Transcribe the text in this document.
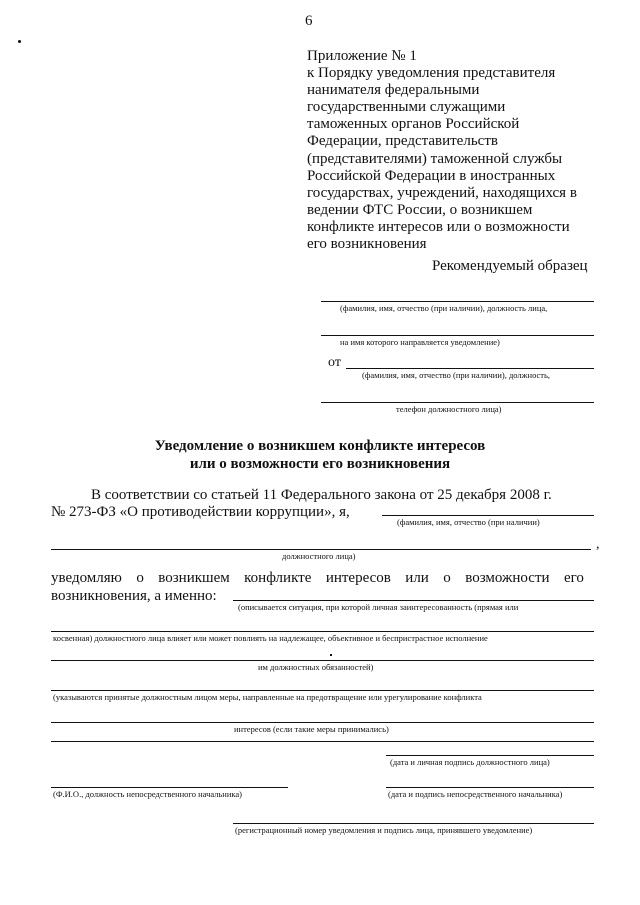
6
Приложение № 1
к Порядку уведомления представителя
нанимателя федеральными
государственными служащими
таможенных органов Российской
Федерации, представительств
(представителями) таможенной службы
Российской Федерации в иностранных
государствах, учреждений, находящихся в
ведении ФТС России, о возникшем
конфликте интересов или о возможности
его возникновения
Рекомендуемый образец
(фамилия, имя, отчество (при наличии), должность лица,
на имя которого направляется уведомление)
от
(фамилия, имя, отчество (при наличии), должность,
телефон должностного лица)
Уведомление о возникшем конфликте интересов
или о возможности его возникновения
В соответствии со статьей 11 Федерального закона от 25 декабря 2008 г.
№ 273-ФЗ «О противодействии коррупции», я,
(фамилия, имя, отчество (при наличии)
,
должностного лица)
уведомляю о возникшем конфликте интересов или о возможности его
возникновения, а именно:
(описывается ситуация, при которой личная заинтересованность (прямая или
косвенная) должностного лица влияет или может повлиять на надлежащее, объективное и беспристрастное исполнение
им должностных обязанностей)
(указываются принятые должностным лицом меры, направленные на предотвращение или урегулирование конфликта
интересов (если такие меры принимались)
(дата и личная подпись должностного лица)
(Ф.И.О., должность непосредственного начальника)	(дата и подпись непосредственного начальника)
(регистрационный номер уведомления и подпись лица, принявшего уведомление)
